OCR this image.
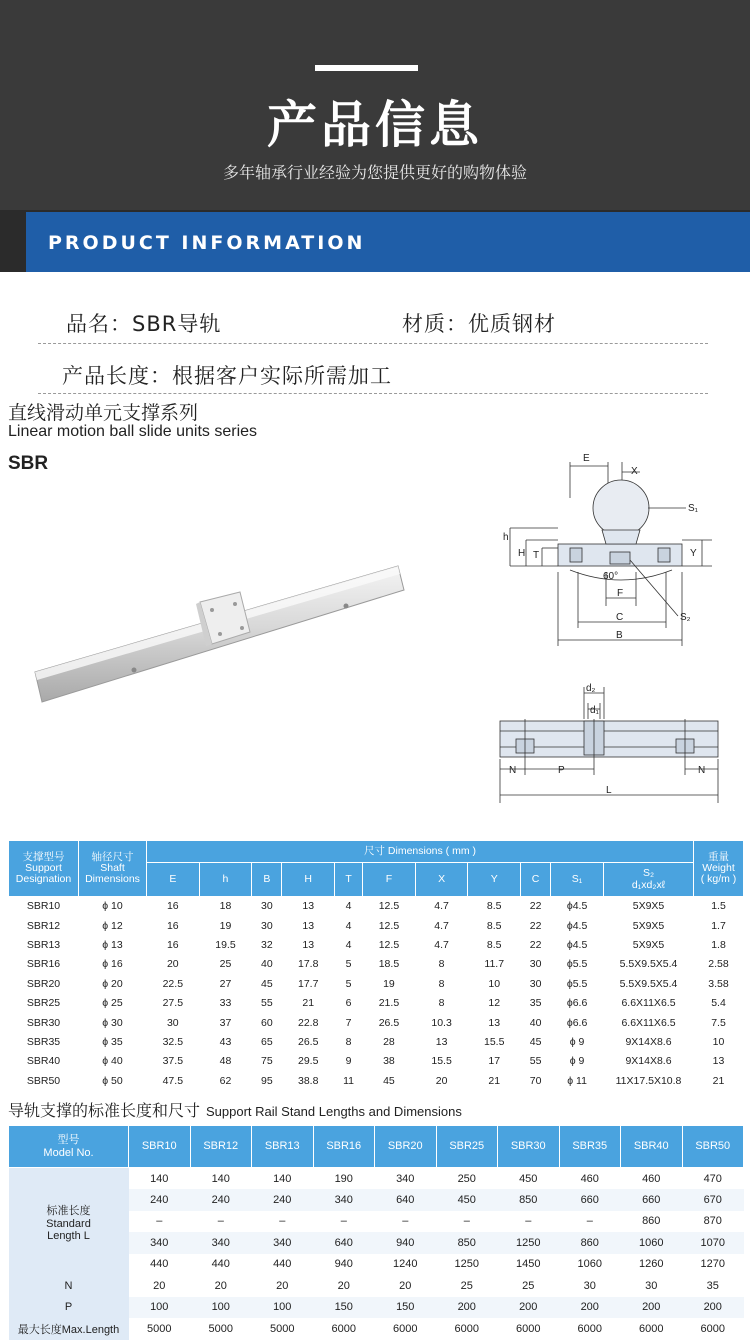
产品信息
多年轴承行业经验为您提供更好的购物体验
PRODUCT INFORMATION
品名：SBR导轨	材质：优质钢材
产品长度：根据客户实际所需加工
直线滑动单元支撑系列
Linear motion ball slide units series
SBR	E
X
S₁
h
H T	Y
60°
F
S₂
C
B
d₂
d₁
N	P	N
L
支撑型号
Support
Designation	轴径尺寸
Shaft
Dimensions	尺寸 Dimensions ( mm )											重量
Weight
( kg/m )
		E	h	B	H	T	F	X	Y	C	S₁	S₂
d₁xd₂xℓ	
SBR10	ϕ 10	16	18	30	13	4	12.5	4.7	8.5	22	ϕ4.5	5X9X5	1.5
SBR12	ϕ 12	16	19	30	13	4	12.5	4.7	8.5	22	ϕ4.5	5X9X5	1.7
SBR13	ϕ 13	16	19.5	32	13	4	12.5	4.7	8.5	22	ϕ4.5	5X9X5	1.8
SBR16	ϕ 16	20	25	40	17.8	5	18.5	8	11.7	30	ϕ5.5	5.5X9.5X5.4	2.58
SBR20	ϕ 20	22.5	27	45	17.7	5	19	8	10	30	ϕ5.5	5.5X9.5X5.4	3.58
SBR25	ϕ 25	27.5	33	55	21	6	21.5	8	12	35	ϕ6.6	6.6X11X6.5	5.4
SBR30	ϕ 30	30	37	60	22.8	7	26.5	10.3	13	40	ϕ6.6	6.6X11X6.5	7.5
SBR35	ϕ 35	32.5	43	65	26.5	8	28	13	15.5	45	ϕ 9	9X14X8.6	10
SBR40	ϕ 40	37.5	48	75	29.5	9	38	15.5	17	55	ϕ 9	9X14X8.6	13
SBR50	ϕ 50	47.5	62	95	38.8	11	45	20	21	70	ϕ 11	11X17.5X10.8	21
导轨支撑的标准长度和尺寸 Support Rail Stand Lengths and Dimensions
型号
Model No.	SBR10	SBR12	SBR13	SBR16	SBR20	SBR25	SBR30	SBR35	SBR40	SBR50
标准长度
Standard
Length L	140	140	140	190	340	250	450	460	460	470
	240	240	240	340	640	450	850	660	660	670
	–	–	–	–	–	–	–	–	860	870
	340	340	340	640	940	850	1250	860	1060	1070
	440	440	440	940	1240	1250	1450	1060	1260	1270
N	20	20	20	20	20	25	25	30	30	35
P	100	100	100	150	150	200	200	200	200	200
最大长度Max.Length	5000	5000	5000	6000	6000	6000	6000	6000	6000	6000
